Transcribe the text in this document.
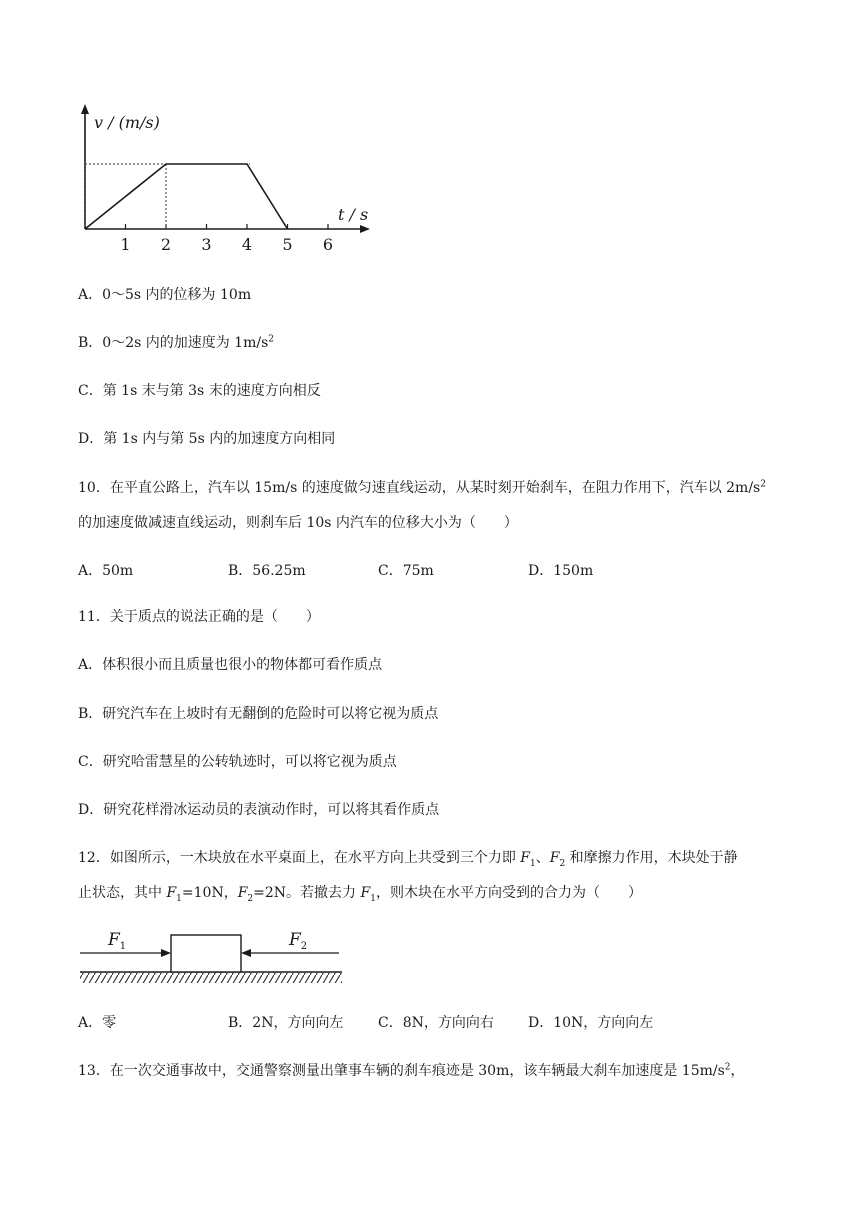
v / (m/s)
t / s
1 2 3 4 5 6
A．0～5s 内的位移为 10m
B．0～2s 内的加速度为 $1m/s^2$
C．第 1s 末与第 3s 末的速度方向相反
D．第 1s 内与第 5s 内的加速度方向相同
10．在平直公路上，汽车以 15m/s 的速度做匀速直线运动，从某时刻开始刹车，在阻力作用下，汽车以 $2m/s^2$
的加速度做减速直线运动，则刹车后 10s 内汽车的位移大小为（　　）
A．50m	B．56.25m	C．75m	D．150m
11．关于质点的说法正确的是（　　）
A．体积很小而且质量也很小的物体都可看作质点
B．研究汽车在上坡时有无翻倒的危险时可以将它视为质点
C．研究哈雷慧星的公转轨迹时，可以将它视为质点
D．研究花样滑冰运动员的表演动作时，可以将其看作质点
12．如图所示，一木块放在水平桌面上，在水平方向上共受到三个力即 $F_1$、$F_2$ 和摩擦力作用，木块处于静
止状态，其中 $F_1=10N$，$F_2=2N$。若撤去力 $F_1$，则木块在水平方向受到的合力为（　　）
$F_1$	$F_2$
A．零	B．2N，方向向左 C．8N，方向向右 D．10N，方向向左
13．在一次交通事故中，交通警察测量出肇事车辆的刹车痕迹是 30m，该车辆最大刹车加速度是 $15m/s^2$，
